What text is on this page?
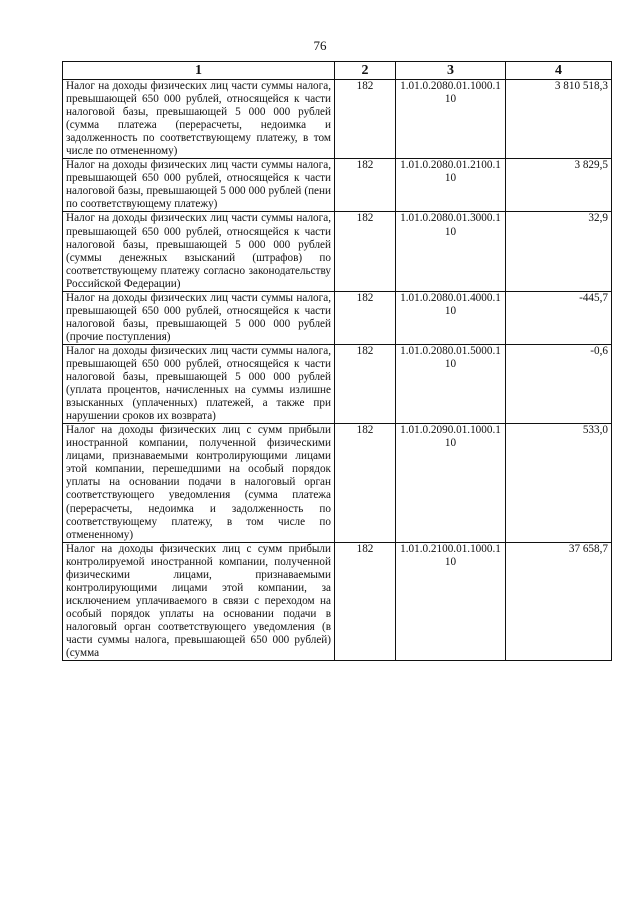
76
1	2	3	4
Налог на доходы физических лиц части суммы налога, превышающей 650 000 рублей, относящейся к части налоговой базы, превышающей 5 000 000 рублей (сумма платежа (перерасчеты, недоимка и задолженность по соответствующему платежу, в том числе по отмененному)	182	1.01.0.2080.01.1000.110	3 810 518,3
Налог на доходы физических лиц части суммы налога, превышающей 650 000 рублей, относящейся к части налоговой базы, превышающей 5 000 000 рублей (пени по соответствующему платежу)	182	1.01.0.2080.01.2100.110	3 829,5
Налог на доходы физических лиц части суммы налога, превышающей 650 000 рублей, относящейся к части налоговой базы, превышающей 5 000 000 рублей (суммы денежных взысканий (штрафов) по соответствующему платежу согласно законодательству Российской Федерации)	182	1.01.0.2080.01.3000.110	32,9
Налог на доходы физических лиц части суммы налога, превышающей 650 000 рублей, относящейся к части налоговой базы, превышающей 5 000 000 рублей (прочие поступления)	182	1.01.0.2080.01.4000.110	-445,7
Налог на доходы физических лиц части суммы налога, превышающей 650 000 рублей, относящейся к части налоговой базы, превышающей 5 000 000 рублей (уплата процентов, начисленных на суммы излишне взысканных (уплаченных) платежей, а также при нарушении сроков их возврата)	182	1.01.0.2080.01.5000.110	-0,6
Налог на доходы физических лиц с сумм прибыли иностранной компании, полученной физическими лицами, признаваемыми контролирующими лицами этой компании, перешедшими на особый порядок уплаты на основании подачи в налоговый орган соответствующего уведомления (сумма платежа (перерасчеты, недоимка и задолженность по соответствующему платежу, в том числе по отмененному)	182	1.01.0.2090.01.1000.110	533,0
Налог на доходы физических лиц с сумм прибыли контролируемой иностранной компании, полученной физическими лицами, признаваемыми контролирующими лицами этой компании, за исключением уплачиваемого в связи с переходом на особый порядок уплаты на основании подачи в налоговый орган соответствующего уведомления (в части суммы налога, превышающей 650 000 рублей) (сумма	182	1.01.0.2100.01.1000.110	37 658,7
